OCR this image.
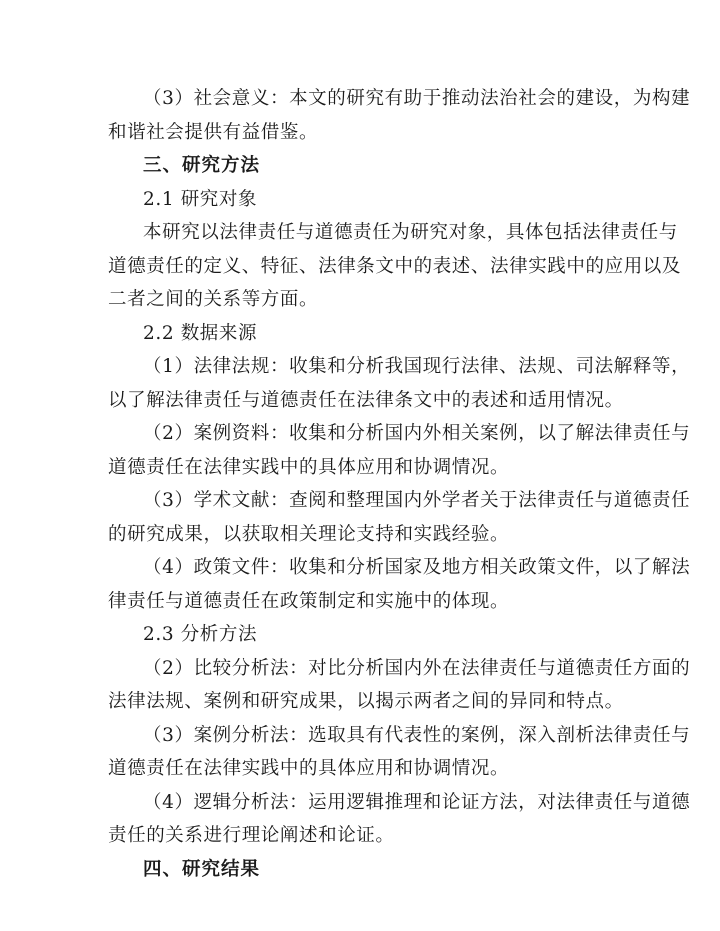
（3）社会意义：本文的研究有助于推动法治社会的建设，为构建
和谐社会提供有益借鉴。
三、研究方法
2.1 研究对象
本研究以法律责任与道德责任为研究对象，具体包括法律责任与
道德责任的定义、特征、法律条文中的表述、法律实践中的应用以及
二者之间的关系等方面。
2.2 数据来源
（1）法律法规：收集和分析我国现行法律、法规、司法解释等，
以了解法律责任与道德责任在法律条文中的表述和适用情况。
（2）案例资料：收集和分析国内外相关案例，以了解法律责任与
道德责任在法律实践中的具体应用和协调情况。
（3）学术文献：查阅和整理国内外学者关于法律责任与道德责任
的研究成果，以获取相关理论支持和实践经验。
（4）政策文件：收集和分析国家及地方相关政策文件，以了解法
律责任与道德责任在政策制定和实施中的体现。
2.3 分析方法
（2）比较分析法：对比分析国内外在法律责任与道德责任方面的
法律法规、案例和研究成果，以揭示两者之间的异同和特点。
（3）案例分析法：选取具有代表性的案例，深入剖析法律责任与
道德责任在法律实践中的具体应用和协调情况。
（4）逻辑分析法：运用逻辑推理和论证方法，对法律责任与道德
责任的关系进行理论阐述和论证。
四、研究结果
